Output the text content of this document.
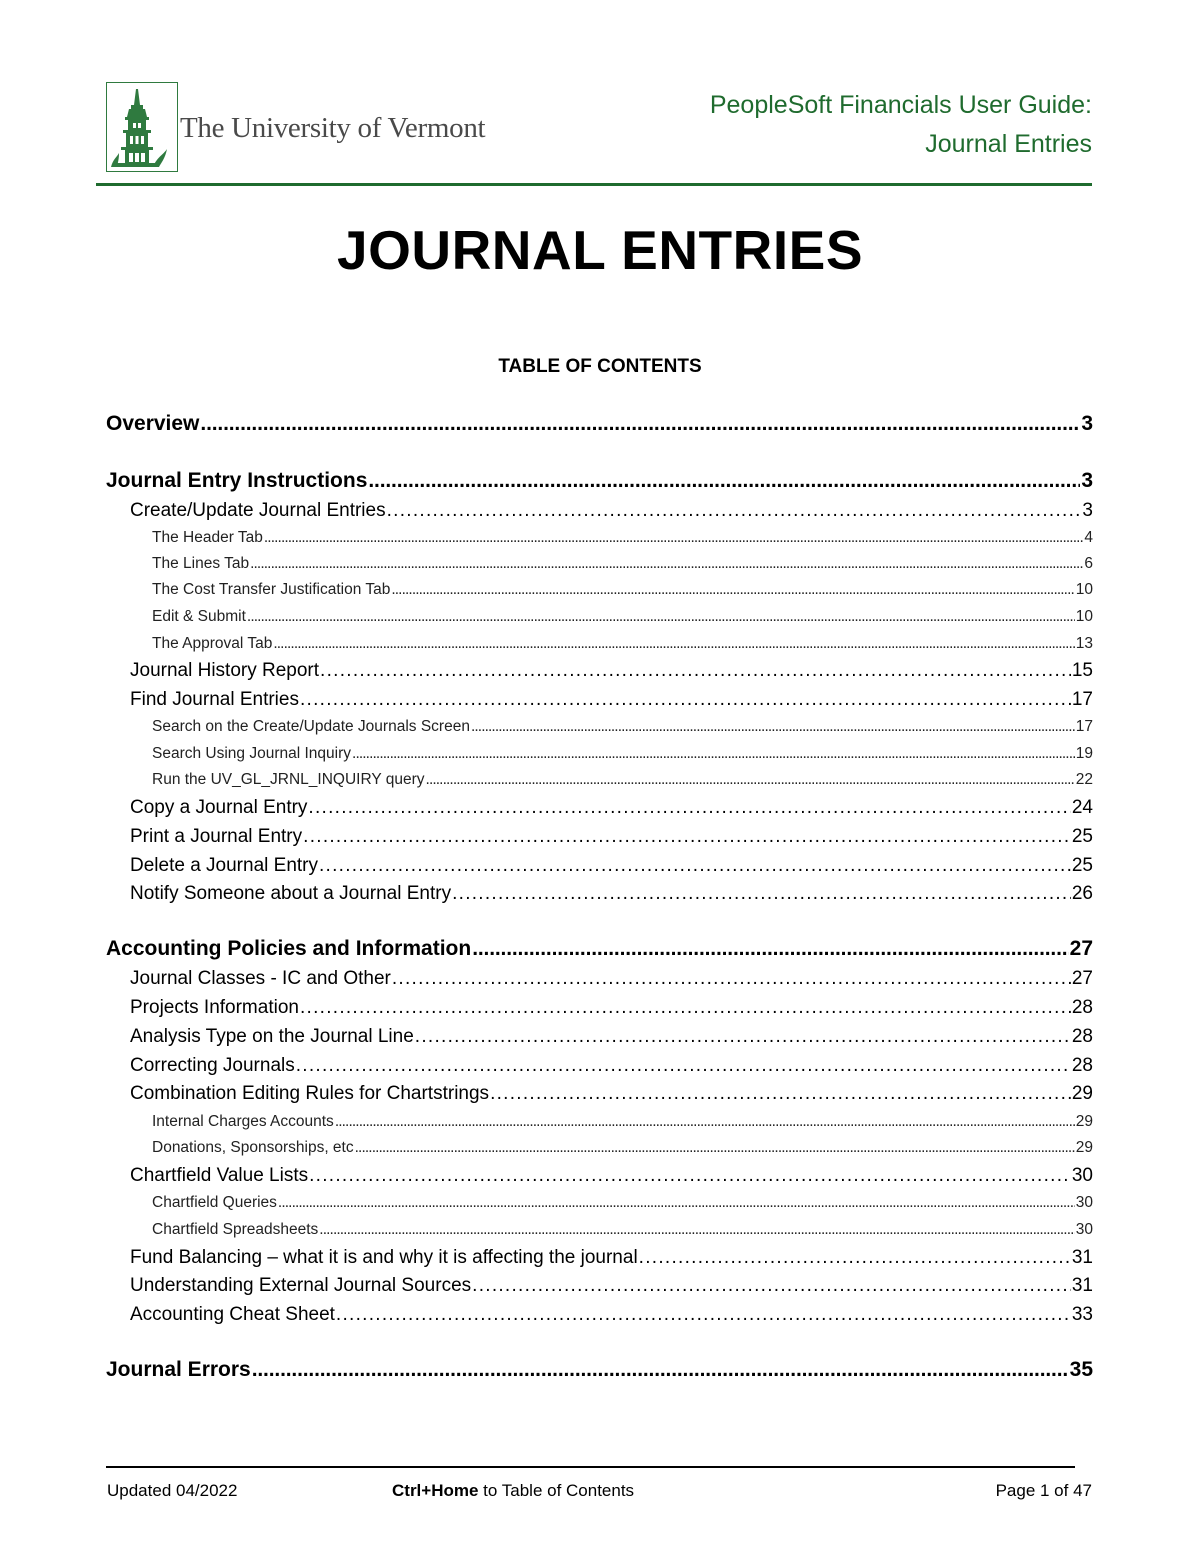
The University of Vermont
PeopleSoft Financials User Guide:
Journal Entries
JOURNAL ENTRIES
TABLE OF CONTENTS
Overview . . .	3
Journal Entry Instructions . . .	3
Create/Update Journal Entries . . .	3
The Header Tab . . .	4
The Lines Tab . . .	6
The Cost Transfer Justification Tab . . .	10
Edit & Submit . . .	10
The Approval Tab . . .	13
Journal History Report . . .	15
Find Journal Entries . . .	17
Search on the Create/Update Journals Screen . . .	17
Search Using Journal Inquiry . . .	19
Run the UV_GL_JRNL_INQUIRY query . . .	22
Copy a Journal Entry . . .	24
Print a Journal Entry . . .	25
Delete a Journal Entry . . .	25
Notify Someone about a Journal Entry . . .	26
Accounting Policies and Information . . .	27
Journal Classes - IC and Other . . .	27
Projects Information . . .	28
Analysis Type on the Journal Line . . .	28
Correcting Journals . . .	28
Combination Editing Rules for Chartstrings . . .	29
Internal Charges Accounts . . .	29
Donations, Sponsorships, etc . . .	29
Chartfield Value Lists . . .	30
Chartfield Queries . . .	30
Chartfield Spreadsheets . . .	30
Fund Balancing – what it is and why it is affecting the journal . . .	31
Understanding External Journal Sources . . .	31
Accounting Cheat Sheet . . .	33
Journal Errors . . .	35
Updated 04/2022	Ctrl+Home to Table of Contents	Page 1 of 47
